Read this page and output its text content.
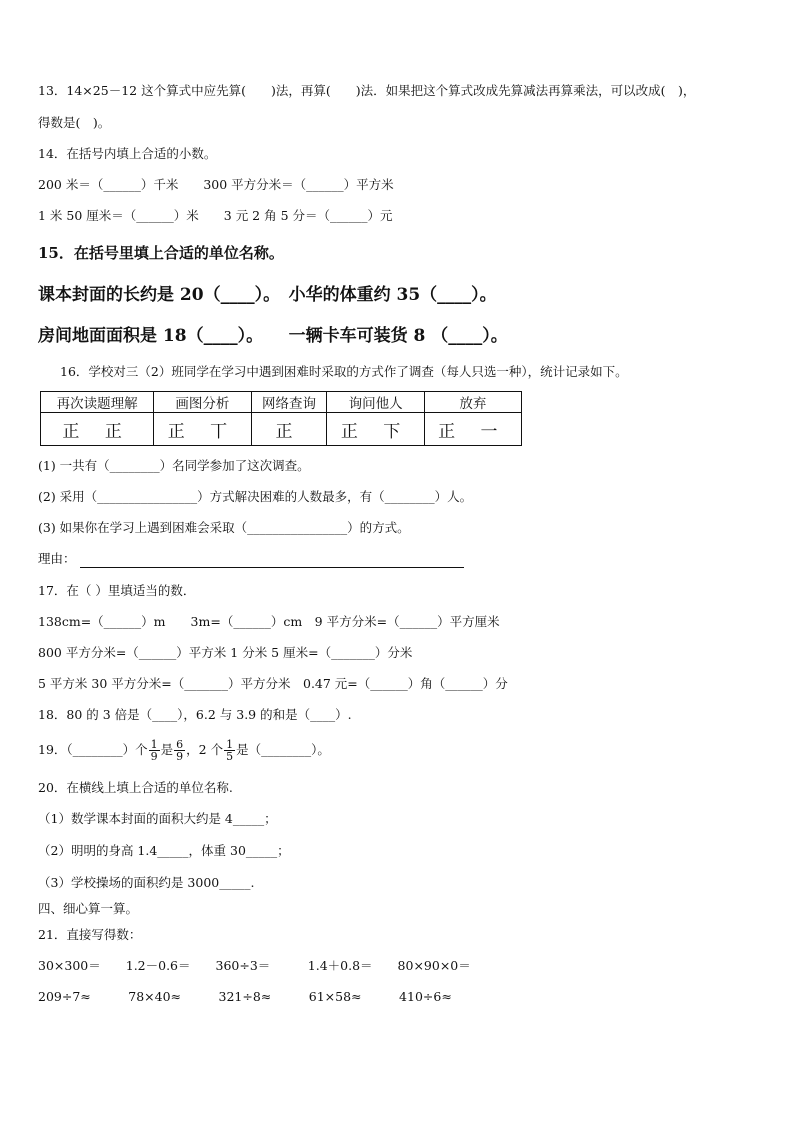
13．14×25－12 这个算式中应先算(　　)法，再算(　　)法．如果把这个算式改成先算减法再算乘法，可以改成(　)，
得数是(　)。
14．在括号内填上合适的小数。
200 米＝（______）千米　　300 平方分米＝（______）平方米
1 米 50 厘米＝（______）米　　3 元 2 角 5 分＝（______）元
15．在括号里填上合适的单位名称。
课本封面的长约是 20（____）。　小华的体重约 35（____）。
房间地面面积是 18（____）。　　一辆卡车可装货 8 （____）。
16．学校对三（2）班同学在学习中遇到困难时采取的方式作了调查（每人只选一种），统计记录如下。
再次读题理解	画图分析	网络查询	询问他人	放弃
正 正	正 丅	正	正 下	正 一
(1) 一共有（________）名同学参加了这次调查。
(2) 采用（________________）方式解决困难的人数最多，有（________）人。
(3) 如果你在学习上遇到困难会采取（________________）的方式。
理由：
17．在（ ）里填适当的数．
138cm=（______）m　　3m=（______）cm　9 平方分米=（______）平方厘米
800 平方分米=（______）平方米 1 分米 5 厘米=（_______）分米
5 平方米 30 平方分米=（_______）平方分米　0.47 元=（______）角（______）分
18．80 的 3 倍是（____），6.2 与 3.9 的和是（____）.
19．（________）个 $\frac{1}{9}$ 是 $\frac{6}{9}$ ，2 个 $\frac{1}{5}$ 是（________）。
20．在横线上填上合适的单位名称.
（1）数学课本封面的面积大约是 4_____；
（2）明明的身高 1.4_____，体重 30_____；
（3）学校操场的面积约是 3000_____.
四、细心算一算。
21．直接写得数：
30×300＝　　1.2－0.6＝　　360÷3＝　　　1.4＋0.8＝　　80×90×0＝
209÷7≈　　　78×40≈　　　321÷8≈　　　61×58≈　　　410÷6≈
